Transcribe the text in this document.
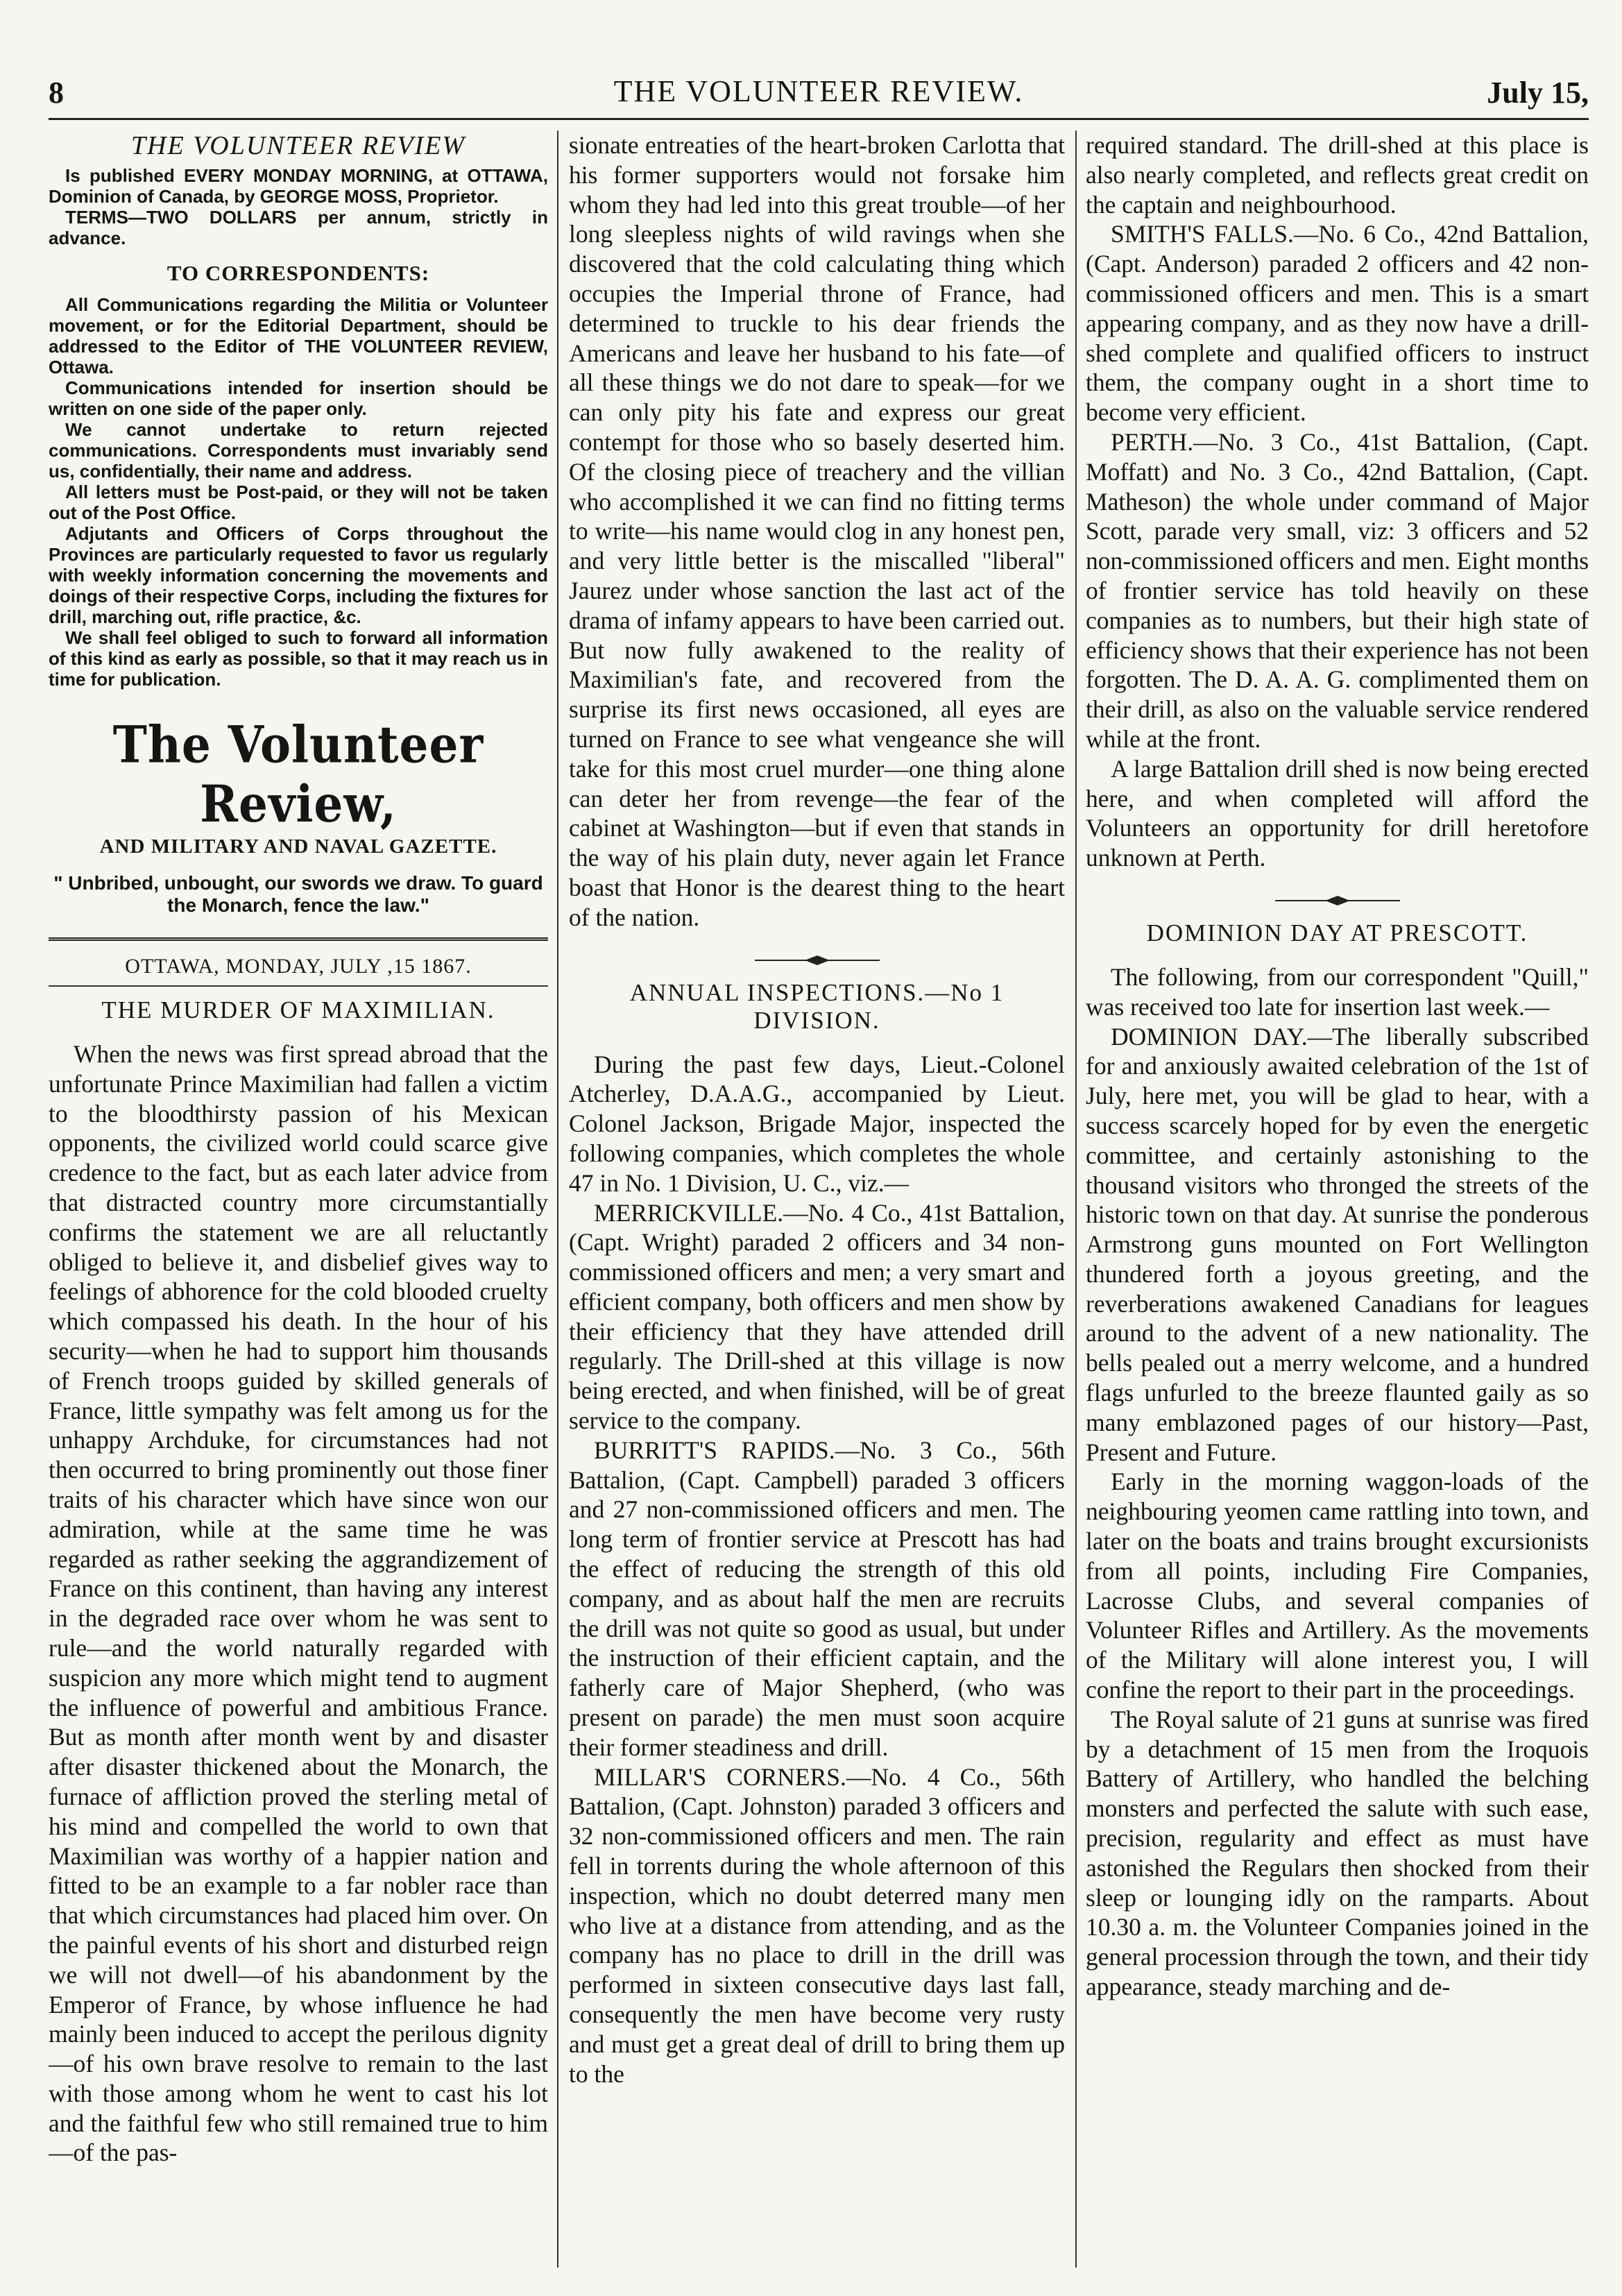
8	THE VOLUNTEER REVIEW.	July 15,
THE VOLUNTEER REVIEW

Is published EVERY MONDAY MORNING, at OTTAWA, Dominion of Canada, by GEORGE MOSS, Proprietor.

TERMS—TWO DOLLARS per annum, strictly in advance.

TO CORRESPONDENTS:

All Communications regarding the Militia or Volunteer movement, or for the Editorial Department, should be addressed to the Editor of THE VOLUNTEER REVIEW, Ottawa.

Communications intended for insertion should be written on one side of the paper only.

We cannot undertake to return rejected communications. Correspondents must invariably send us, confidentially, their name and address.

All letters must be Post-paid, or they will not be taken out of the Post Office.

Adjutants and Officers of Corps throughout the Provinces are particularly requested to favor us regularly with weekly information concerning the movements and doings of their respective Corps, including the fixtures for drill, marching out, rifle practice, &c.

We shall feel obliged to such to forward all information of this kind as early as possible, so that it may reach us in time for publication.

The Volunteer Review,
AND MILITARY AND NAVAL GAZETTE.

" Unbribed, unbought, our swords we draw. To guard the Monarch, fence the law."

OTTAWA, MONDAY, JULY ,15 1867.
THE MURDER OF MAXIMILIAN.

When the news was first spread abroad that the unfortunate Prince Maximilian had fallen a victim to the bloodthirsty passion of his Mexican opponents, the civilized world could scarce give credence to the fact, but as each later advice from that distracted country more circumstantially confirms the statement we are all reluctantly obliged to believe it, and disbelief gives way to feelings of abhorence for the cold blooded cruelty which compassed his death. In the hour of his security—when he had to support him thousands of French troops guided by skilled generals of France, little sympathy was felt among us for the unhappy Archduke, for circumstances had not then occurred to bring prominently out those finer traits of his character which have since won our admiration, while at the same time he was regarded as rather seeking the aggrandizement of France on this continent, than having any interest in the degraded race over whom he was sent to rule—and the world naturally regarded with suspicion any more which might tend to augment the influence of powerful and ambitious France. But as month after month went by and disaster after disaster thickened about the Monarch, the furnace of affliction proved the sterling metal of his mind and compelled the world to own that Maximilian was worthy of a happier nation and fitted to be an example to a far nobler race than that which circumstances had placed him over. On the painful events of his short and disturbed reign we will not dwell—of his abandonment by the Emperor of France, by whose influence he had mainly been induced to accept the perilous dignity—of his own brave resolve to remain to the last with those among whom he went to cast his lot and the faithful few who still remained true to him—of the pas-

sionate entreaties of the heart-broken Carlotta that his former supporters would not forsake him whom they had led into this great trouble—of her long sleepless nights of wild ravings when she discovered that the cold calculating thing which occupies the Imperial throne of France, had determined to truckle to his dear friends the Americans and leave her husband to his fate—of all these things we do not dare to speak—for we can only pity his fate and express our great contempt for those who so basely deserted him. Of the closing piece of treachery and the villian who accomplished it we can find no fitting terms to write—his name would clog in any honest pen, and very little better is the miscalled "liberal" Jaurez under whose sanction the last act of the drama of infamy appears to have been carried out. But now fully awakened to the reality of Maximilian's fate, and recovered from the surprise its first news occasioned, all eyes are turned on France to see what vengeance she will take for this most cruel murder—one thing alone can deter her from revenge—the fear of the cabinet at Washington—but if even that stands in the way of his plain duty, never again let France boast that Honor is the dearest thing to the heart of the nation.

ANNUAL INSPECTIONS.—No 1 DIVISION.

During the past few days, Lieut.-Colonel Atcherley, D.A.A.G., accompanied by Lieut. Colonel Jackson, Brigade Major, inspected the following companies, which completes the whole 47 in No. 1 Division, U. C., viz.—

MERRICKVILLE.—No. 4 Co., 41st Battalion, (Capt. Wright) paraded 2 officers and 34 non-commissioned officers and men; a very smart and efficient company, both officers and men show by their efficiency that they have attended drill regularly. The Drill-shed at this village is now being erected, and when finished, will be of great service to the company.

BURRITT'S RAPIDS.—No. 3 Co., 56th Battalion, (Capt. Campbell) paraded 3 officers and 27 non-commissioned officers and men. The long term of frontier service at Prescott has had the effect of reducing the strength of this old company, and as about half the men are recruits the drill was not quite so good as usual, but under the instruction of their efficient captain, and the fatherly care of Major Shepherd, (who was present on parade) the men must soon acquire their former steadiness and drill.

MILLAR'S CORNERS.—No. 4 Co., 56th Battalion, (Capt. Johnston) paraded 3 officers and 32 non-commissioned officers and men. The rain fell in torrents during the whole afternoon of this inspection, which no doubt deterred many men who live at a distance from attending, and as the company has no place to drill in the drill was performed in sixteen consecutive days last fall, consequently the men have become very rusty and must get a great deal of drill to bring them up to the

required standard. The drill-shed at this place is also nearly completed, and reflects great credit on the captain and neighbourhood.

SMITH'S FALLS.—No. 6 Co., 42nd Battalion, (Capt. Anderson) paraded 2 officers and 42 non-commissioned officers and men. This is a smart appearing company, and as they now have a drill-shed complete and qualified officers to instruct them, the company ought in a short time to become very efficient.

PERTH.—No. 3 Co., 41st Battalion, (Capt. Moffatt) and No. 3 Co., 42nd Battalion, (Capt. Matheson) the whole under command of Major Scott, parade very small, viz: 3 officers and 52 non-commissioned officers and men. Eight months of frontier service has told heavily on these companies as to numbers, but their high state of efficiency shows that their experience has not been forgotten. The D. A. A. G. complimented them on their drill, as also on the valuable service rendered while at the front.

A large Battalion drill shed is now being erected here, and when completed will afford the Volunteers an opportunity for drill heretofore unknown at Perth.

DOMINION DAY AT PRESCOTT.

The following, from our correspondent "Quill," was received too late for insertion last week.—

DOMINION DAY.—The liberally subscribed for and anxiously awaited celebration of the 1st of July, here met, you will be glad to hear, with a success scarcely hoped for by even the energetic committee, and certainly astonishing to the thousand visitors who thronged the streets of the historic town on that day. At sunrise the ponderous Armstrong guns mounted on Fort Wellington thundered forth a joyous greeting, and the reverberations awakened Canadians for leagues around to the advent of a new nationality. The bells pealed out a merry welcome, and a hundred flags unfurled to the breeze flaunted gaily as so many emblazoned pages of our history—Past, Present and Future.

Early in the morning waggon-loads of the neighbouring yeomen came rattling into town, and later on the boats and trains brought excursionists from all points, including Fire Companies, Lacrosse Clubs, and several companies of Volunteer Rifles and Artillery. As the movements of the Military will alone interest you, I will confine the report to their part in the proceedings.

The Royal salute of 21 guns at sunrise was fired by a detachment of 15 men from the Iroquois Battery of Artillery, who handled the belching monsters and perfected the salute with such ease, precision, regularity and effect as must have astonished the Regulars then shocked from their sleep or lounging idly on the ramparts. About 10.30 a. m. the Volunteer Companies joined in the general procession through the town, and their tidy appearance, steady marching and de-
